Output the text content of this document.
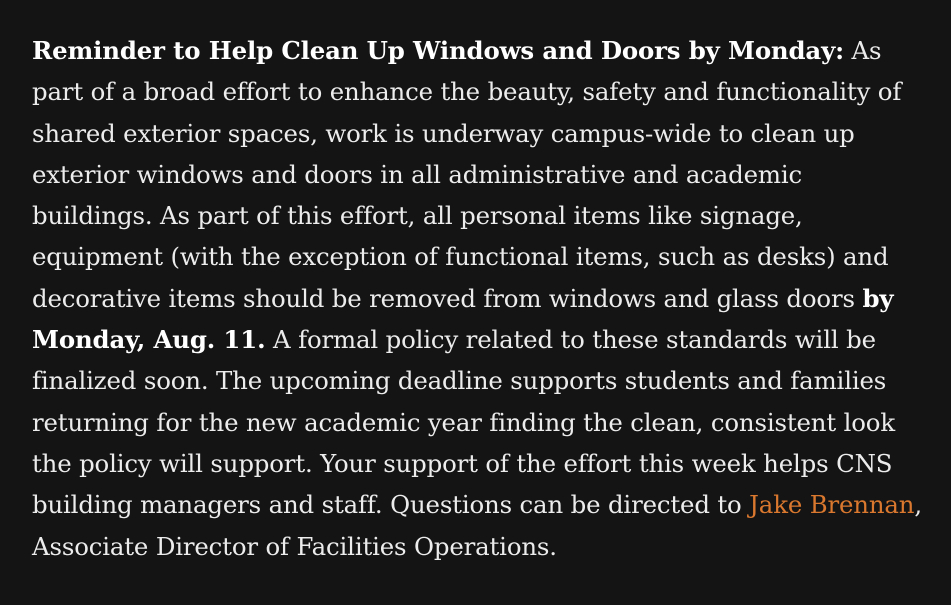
Reminder to Help Clean Up Windows and Doors by Monday: As part of a broad effort to enhance the beauty, safety and functionality of shared exterior spaces, work is underway campus-wide to clean up exterior windows and doors in all administrative and academic buildings. As part of this effort, all personal items like signage, equipment (with the exception of functional items, such as desks) and decorative items should be removed from windows and glass doors by Monday, Aug. 11. A formal policy related to these standards will be finalized soon. The upcoming deadline supports students and families returning for the new academic year finding the clean, consistent look the policy will support. Your support of the effort this week helps CNS building managers and staff. Questions can be directed to Jake Brennan, Associate Director of Facilities Operations.
